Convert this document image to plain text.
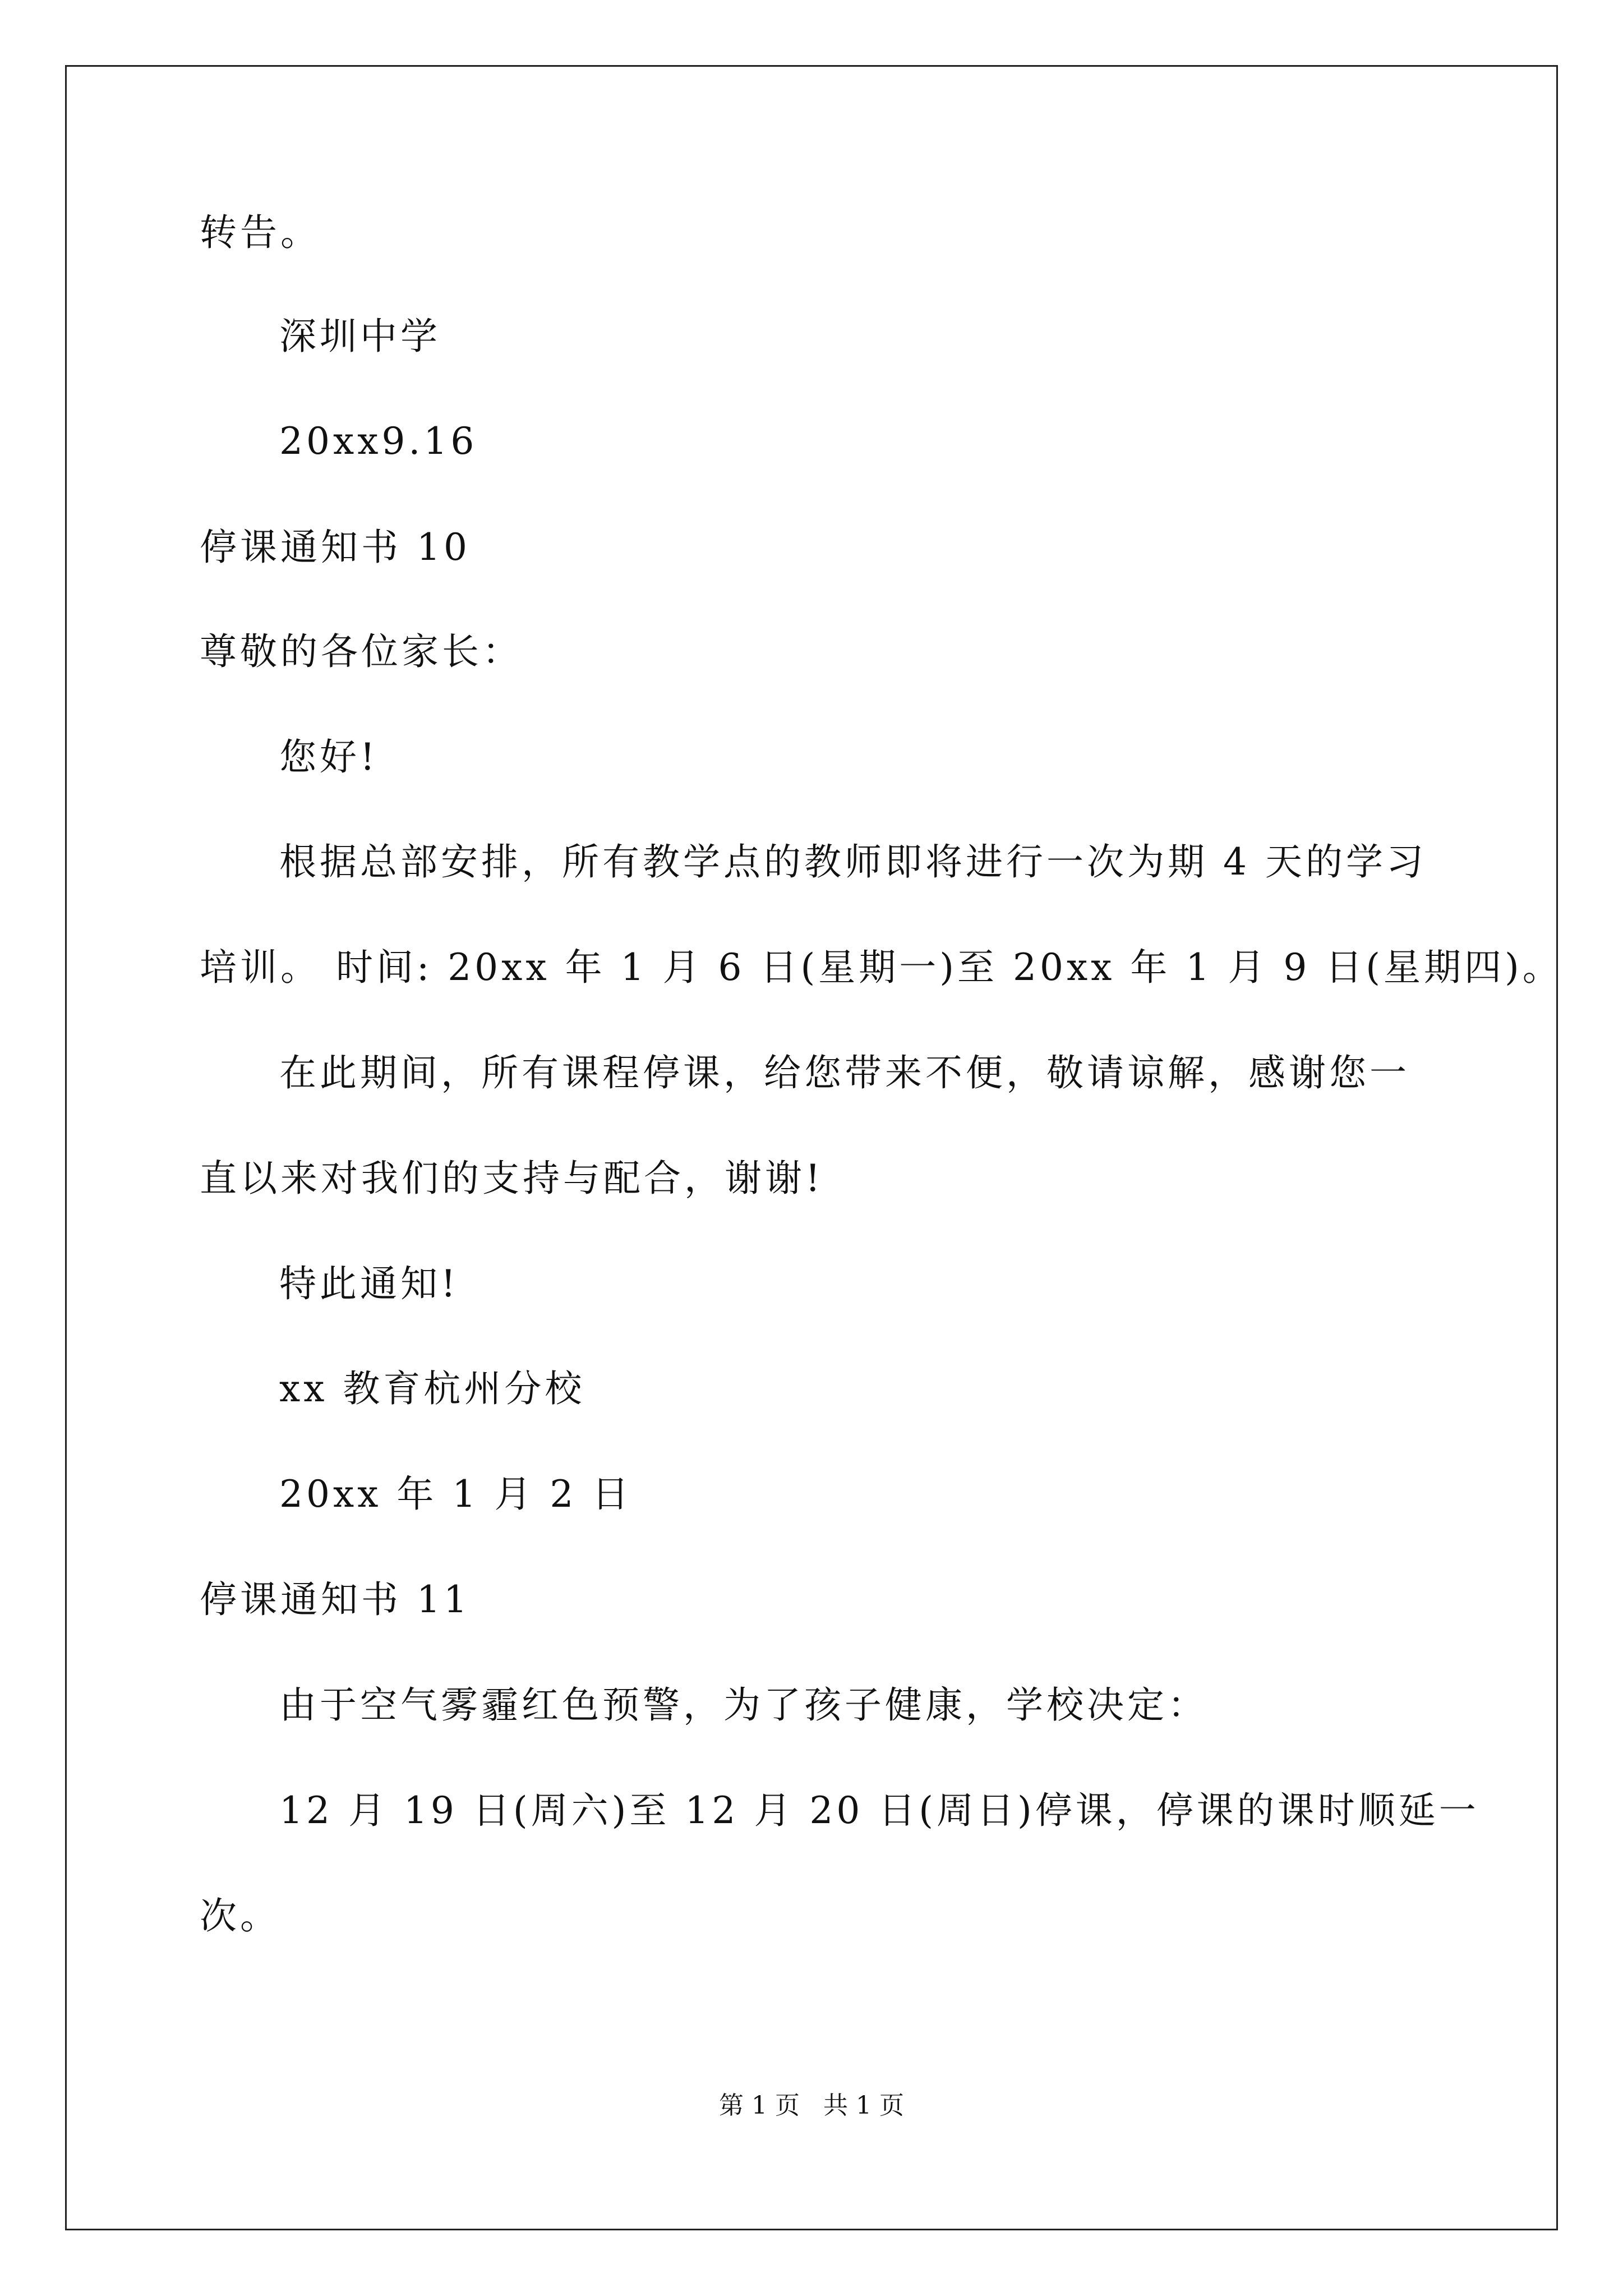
转告。
深圳中学
20xx9.16
停课通知书 10
尊敬的各位家长：
您好!
根据总部安排，所有教学点的教师即将进行一次为期 4 天的学习
培训。 时间: 20xx 年 1 月 6 日(星期一)至 20xx 年 1 月 9 日(星期四)。
在此期间，所有课程停课，给您带来不便，敬请谅解，感谢您一
直以来对我们的支持与配合，谢谢!
特此通知!
xx 教育杭州分校
20xx 年 1 月 2 日
停课通知书 11
由于空气雾霾红色预警，为了孩子健康，学校决定：
12 月 19 日(周六)至 12 月 20 日(周日)停课，停课的课时顺延一
次。
第 1 页   共 1 页
